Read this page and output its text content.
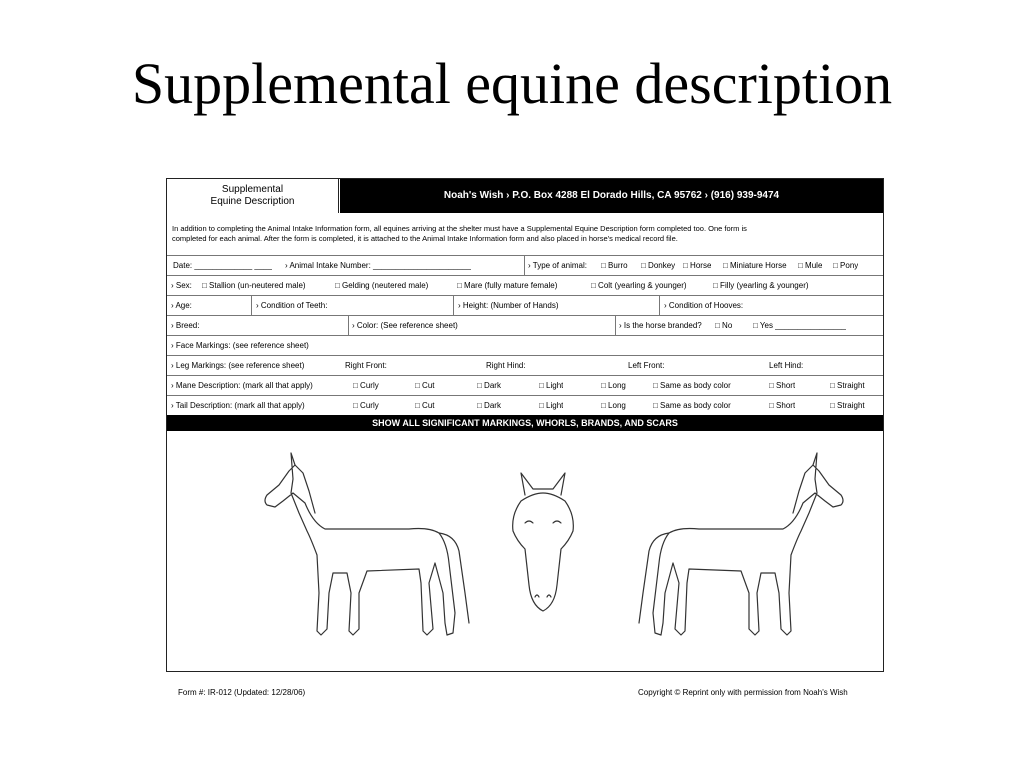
Supplemental equine description
Supplemental
Equine Description
Noah's Wish › P.O. Box 4288 El Dorado Hills, CA 95762 › (916) 939-9474
In addition to completing the Animal Intake Information form, all equines arriving at the shelter must have a Supplemental Equine Description form completed too. One form is
completed for each animal. After the form is completed, it is attached to the Animal Intake Information form and also placed in horse's medical record file.
Date: _____________ ____ › Animal Intake Number: ______________________	› Type of animal: □ Burro □ Donkey □ Horse □ Miniature Horse □ Mule □ Pony
› Sex: □ Stallion (un-neutered male)	□ Gelding (neutered male)	□ Mare (fully mature female)	□ Colt (yearling & younger)	□ Filly (yearling & younger)
› Age:	› Condition of Teeth:	› Height: (Number of Hands)	› Condition of Hooves:
› Breed:	› Color: (See reference sheet)	› Is the horse branded? □ No	□ Yes ________________
› Face Markings: (see reference sheet)
› Leg Markings: (see reference sheet)	Right Front:	Right Hind:	Left Front:	Left Hind:
› Mane Description: (mark all that apply)	□ Curly	□ Cut	□ Dark	□ Light	□ Long	□ Same as body color	□ Short	□ Straight
› Tail Description: (mark all that apply)	□ Curly	□ Cut	□ Dark	□ Light	□ Long	□ Same as body color	□ Short	□ Straight
SHOW ALL SIGNIFICANT MARKINGS, WHORLS, BRANDS, AND SCARS
Form #: IR-012 (Updated: 12/28/06)	Copyright © Reprint only with permission from Noah's Wish
